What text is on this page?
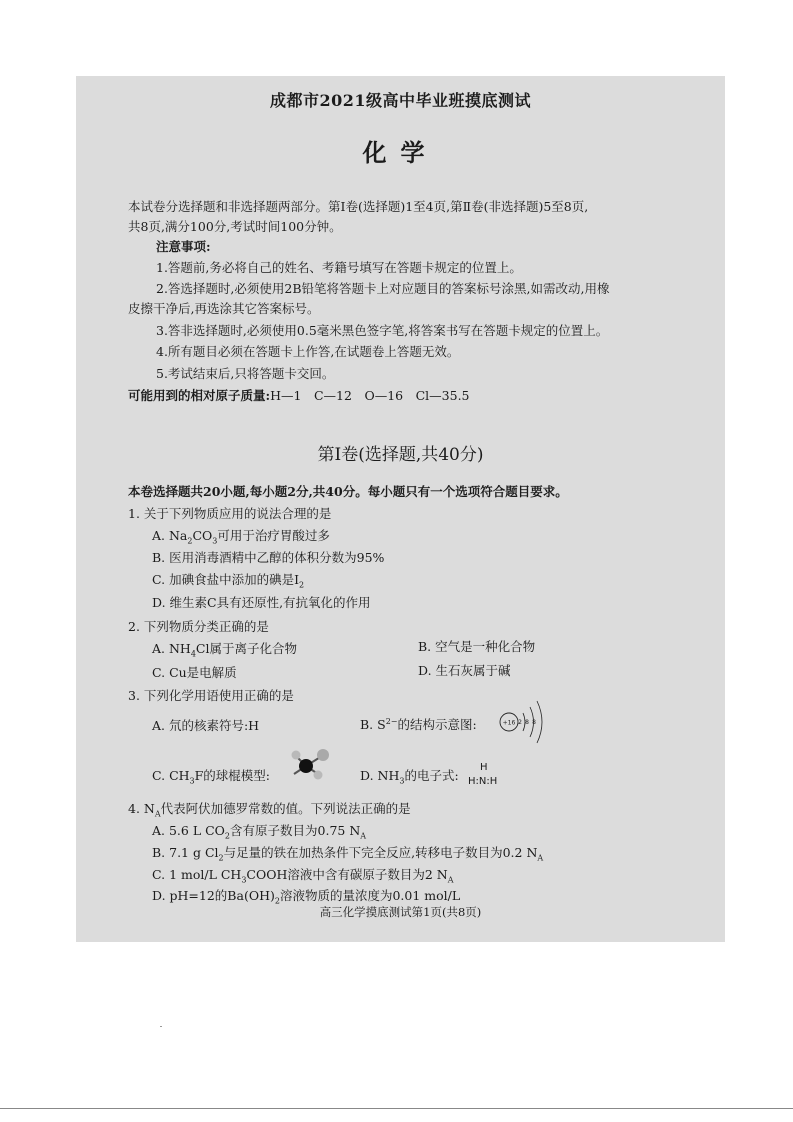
成都市2021级高中毕业班摸底测试
化学
本试卷分选择题和非选择题两部分。第Ⅰ卷(选择题)1至4页,第Ⅱ卷(非选择题)5至8页,
共8页,满分100分,考试时间100分钟。
注意事项:
1.答题前,务必将自己的姓名、考籍号填写在答题卡规定的位置上。
2.答选择题时,必须使用2B铅笔将答题卡上对应题目的答案标号涂黑,如需改动,用橡
皮擦干净后,再选涂其它答案标号。
3.答非选择题时,必须使用0.5毫米黑色签字笔,将答案书写在答题卡规定的位置上。
4.所有题目必须在答题卡上作答,在试题卷上答题无效。
5.考试结束后,只将答题卡交回。
可能用到的相对原子质量:H—1　C—12　O—16　Cl—35.5
第Ⅰ卷(选择题,共40分)
本卷选择题共20小题,每小题2分,共40分。每小题只有一个选项符合题目要求。
1. 关于下列物质应用的说法合理的是
A. $Na_2CO_3$可用于治疗胃酸过多
B. 医用消毒酒精中乙醇的体积分数为95%
C. 加碘食盐中添加的碘是$I_2$
D. 维生素C具有还原性,有抗氧化的作用
2. 下列物质分类正确的是
A. $NH_4Cl$属于离子化合物	B. 空气是一种化合物
C. Cu是电解质	D. 生石灰属于碱
3. 下列化学用语使用正确的是
A. 氘的核素符号:H	B. $S^{2-}$的结构示意图:	+16 2 8 8
C. $CH_3F$的球棍模型:	D. $NH_3$的电子式:
H
H:N:H
4. $N_A$代表阿伏加德罗常数的值。下列说法正确的是
A. 5.6 L $CO_2$含有原子数目为0.75 $N_A$
B. 7.1 g $Cl_2$与足量的铁在加热条件下完全反应,转移电子数目为0.2 $N_A$
C. 1 mol/L $CH_3COOH$溶液中含有碳原子数目为2 $N_A$
D. pH=12的$Ba(OH)_2$溶液物质的量浓度为0.01 mol/L
高三化学摸底测试第1页(共8页)
